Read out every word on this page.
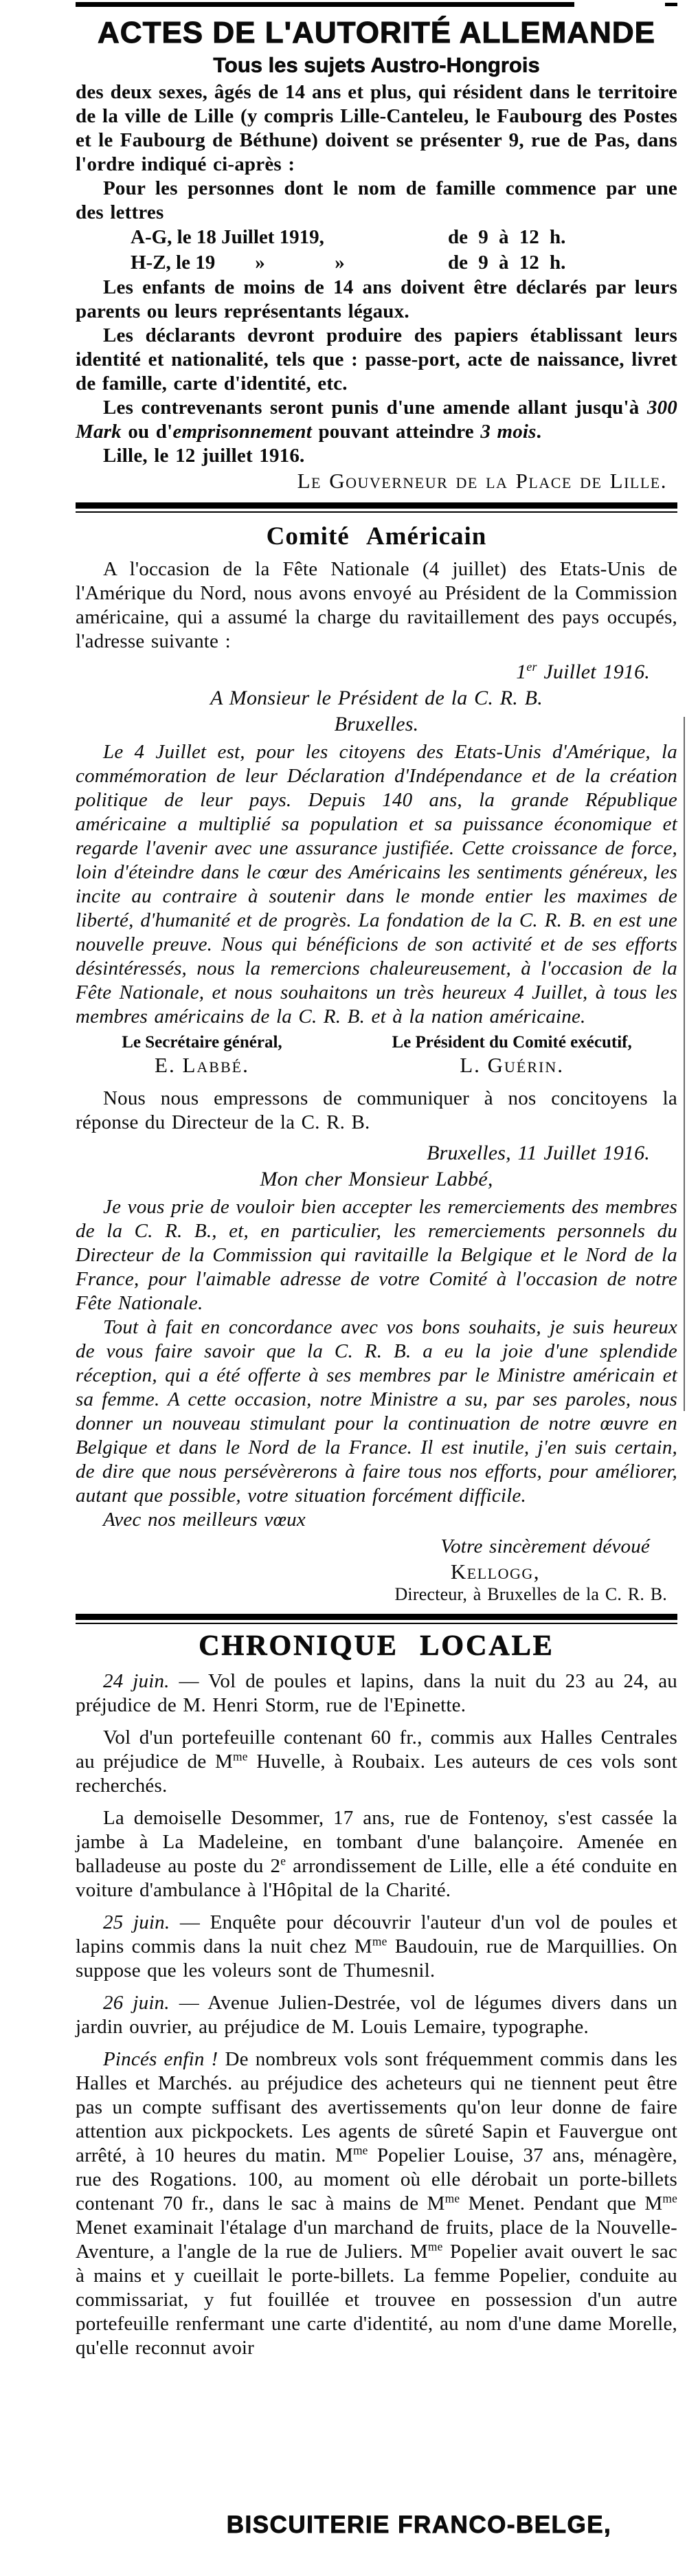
ACTES DE L'AUTORITÉ ALLEMANDE
Tous les sujets Austro-Hongrois

des deux sexes, âgés de 14 ans et plus, qui résident dans le territoire de la ville de Lille (y compris Lille-Canteleu, le Faubourg des Postes et le Faubourg de Béthune) doivent se présenter 9, rue de Pas, dans l'ordre indiqué ci-après :

Pour les personnes dont le nom de famille commence par une des lettres

A-G, le 18 Juillet 1919,	de 9 à 12 h.
H-Z, le 19        »              »	de 9 à 12 h.

Les enfants de moins de 14 ans doivent être déclarés par leurs parents ou leurs représentants légaux.

Les déclarants devront produire des papiers établissant leurs identité et nationalité, tels que : passe-port, acte de naissance, livret de famille, carte d'identité, etc.

Les contrevenants seront punis d'une amende allant jusqu'à 300 Mark ou d'emprisonnement pouvant atteindre 3 mois.

Lille, le 12 juillet 1916.

Le Gouverneur de la Place de Lille.

Comité Américain

A l'occasion de la Fête Nationale (4 juillet) des Etats-Unis de l'Amérique du Nord, nous avons envoyé au Président de la Commission américaine, qui a assumé la charge du ravitaillement des pays occupés, l'adresse suivante :

1er Juillet 1916.

A Monsieur le Président de la C. R. B.

Bruxelles.

Le 4 Juillet est, pour les citoyens des Etats-Unis d'Amérique, la commémoration de leur Déclaration d'Indépendance et de la création politique de leur pays. Depuis 140 ans, la grande République américaine a multiplié sa population et sa puissance économique et regarde l'avenir avec une assurance justifiée. Cette croissance de force, loin d'éteindre dans le cœur des Américains les sentiments généreux, les incite au contraire à soutenir dans le monde entier les maximes de liberté, d'humanité et de progrès. La fondation de la C. R. B. en est une nouvelle preuve. Nous qui bénéficions de son activité et de ses efforts désintéressés, nous la remercions chaleureusement, à l'occasion de la Fête Nationale, et nous souhaitons un très heureux 4 Juillet, à tous les membres américains de la C. R. B. et à la nation américaine.

Le Secrétaire général,
E. Labbé.
Le Président du Comité exécutif,
L. Guérin.

Nous nous empressons de communiquer à nos concitoyens la réponse du Directeur de la C. R. B.

Bruxelles, 11 Juillet 1916.

Mon cher Monsieur Labbé,

Je vous prie de vouloir bien accepter les remerciements des membres de la C. R. B., et, en particulier, les remerciements personnels du Directeur de la Commission qui ravitaille la Belgique et le Nord de la France, pour l'aimable adresse de votre Comité à l'occasion de notre Fête Nationale.

Tout à fait en concordance avec vos bons souhaits, je suis heureux de vous faire savoir que la C. R. B. a eu la joie d'une splendide réception, qui a été offerte à ses membres par le Ministre américain et sa femme. A cette occasion, notre Ministre a su, par ses paroles, nous donner un nouveau stimulant pour la continuation de notre œuvre en Belgique et dans le Nord de la France. Il est inutile, j'en suis certain, de dire que nous persévèrerons à faire tous nos efforts, pour améliorer, autant que possible, votre situation forcément difficile.

Avec nos meilleurs vœux

Votre sincèrement dévoué

Kellogg,

Directeur, à Bruxelles de la C. R. B.

CHRONIQUE LOCALE

24 juin. — Vol de poules et lapins, dans la nuit du 23 au 24, au préjudice de M. Henri Storm, rue de l'Epinette.

Vol d'un portefeuille contenant 60 fr., commis aux Halles Centrales au préjudice de $M^{me}$ Huvelle, à Roubaix. Les auteurs de ces vols sont recherchés.

La demoiselle Desommer, 17 ans, rue de Fontenoy, s'est cassée la jambe à La Madeleine, en tombant d'une balançoire. Amenée en balladeuse au poste du 2e arrondissement de Lille, elle a été conduite en voiture d'ambulance à l'Hôpital de la Charité.

25 juin. — Enquête pour découvrir l'auteur d'un vol de poules et lapins commis dans la nuit chez $M^{me}$ Baudouin, rue de Marquillies. On suppose que les voleurs sont de Thumesnil.

26 juin. — Avenue Julien-Destrée, vol de légumes divers dans un jardin ouvrier, au préjudice de M. Louis Lemaire, typographe.

Pincés enfin ! De nombreux vols sont fréquemment commis dans les Halles et Marchés. au préjudice des acheteurs qui ne tiennent peut être pas un compte suffisant des avertissements qu'on leur donne de faire attention aux pickpockets. Les agents de sûreté Sapin et Fauvergue ont arrêté, à 10 heures du matin. $M^{me}$ Popelier Louise, 37 ans, ménagère, rue des Rogations. 100, au moment où elle dérobait un porte-billets contenant 70 fr., dans le sac à mains de $M^{me}$ Menet. Pendant que $M^{me}$ Menet examinait l'étalage d'un marchand de fruits, place de la Nouvelle-Aventure, a l'angle de la rue de Juliers. $M^{me}$ Popelier avait ouvert le sac à mains et y cueillait le porte-billets. La femme Popelier, conduite au commissariat, y fut fouillée et trouvee en possession d'un autre portefeuille renfermant une carte d'identité, au nom d'une dame Morelle, qu'elle reconnut avoir

BISCUITERIE FRANCO-BELGE,
